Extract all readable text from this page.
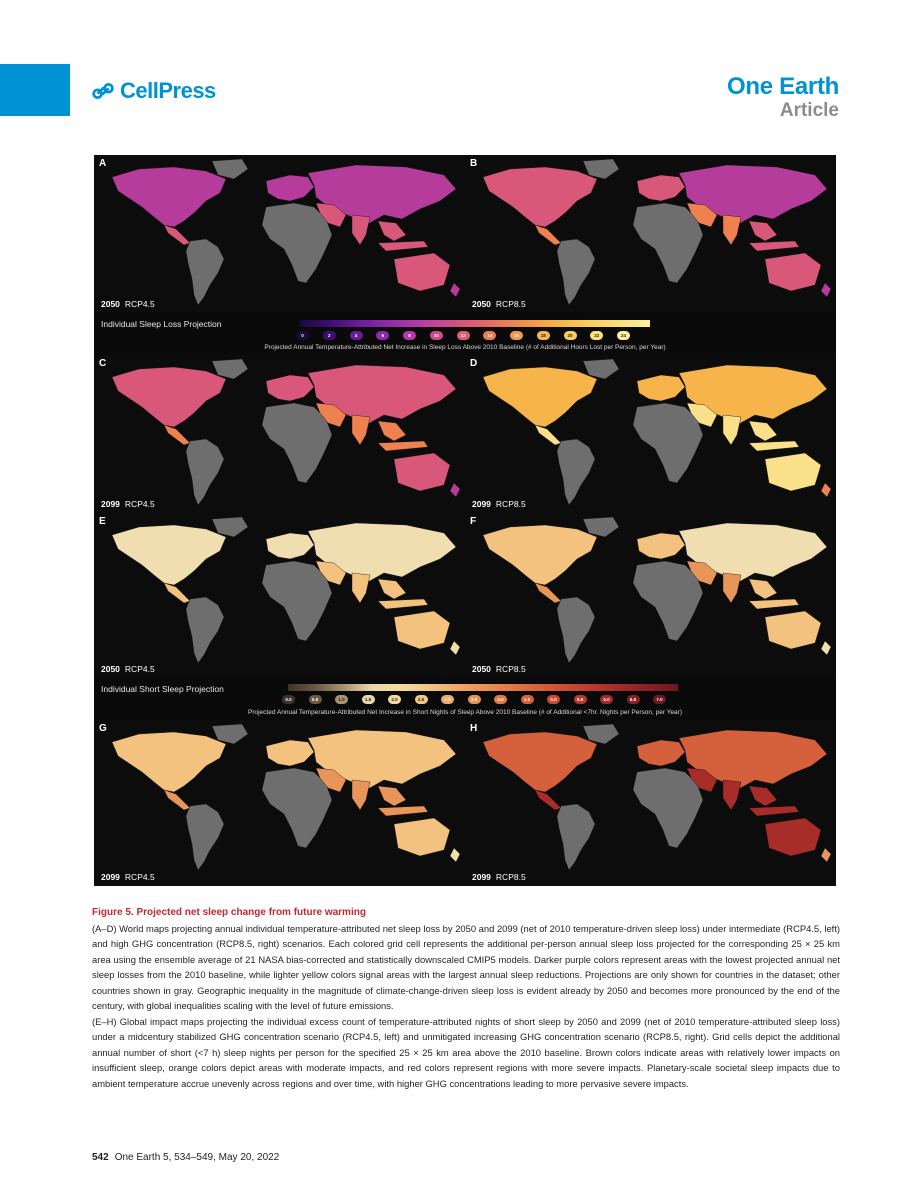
CellPress	One Earth
Article
A
2050 RCP4.5
B
2050 RCP8.5
Individual Sleep Loss Projection
0	2	4	6	8	10	12	14	16	18	20	22	24
Projected Annual Temperature-Attributed Net Increase in Sleep Loss Above 2010 Baseline (# of Additional Hours Lost per Person, per Year)
C
2099 RCP4.5
D
2099 RCP8.5
E
2050 RCP4.5
F
2050 RCP8.5
Individual Short Sleep Projection
0.0	0.5	1.0	1.5	2.0	2.5	3.0	3.5	4.0	4.5	5.0	5.5	6.0	6.5	7.0
Projected Annual Temperature-Attributed Net Increase in Short Nights of Sleep Above 2010 Baseline (# of Additional <7hr. Nights per Person, per Year)
G
2099 RCP4.5
H
2099 RCP8.5

Figure 5. Projected net sleep change from future warming

(A–D) World maps projecting annual individual temperature-attributed net sleep loss by 2050 and 2099 (net of 2010 temperature-driven sleep loss) under intermediate (RCP4.5, left) and high GHG concentration (RCP8.5, right) scenarios. Each colored grid cell represents the additional per-person annual sleep loss projected for the corresponding 25 × 25 km area using the ensemble average of 21 NASA bias-corrected and statistically downscaled CMIP5 models. Darker purple colors represent areas with the lowest projected annual net sleep losses from the 2010 baseline, while lighter yellow colors signal areas with the largest annual sleep reductions. Projections are only shown for countries in the dataset; other countries shown in gray. Geographic inequality in the magnitude of climate-change-driven sleep loss is evident already by 2050 and becomes more pronounced by the end of the century, with global inequalities scaling with the level of future emissions.

(E–H) Global impact maps projecting the individual excess count of temperature-attributed nights of short sleep by 2050 and 2099 (net of 2010 temperature-attributed sleep loss) under a midcentury stabilized GHG concentration scenario (RCP4.5, left) and unmitigated increasing GHG concentration scenario (RCP8.5, right). Grid cells depict the additional annual number of short (<7 h) sleep nights per person for the specified 25 × 25 km area above the 2010 baseline. Brown colors indicate areas with relatively lower impacts on insufficient sleep, orange colors depict areas with moderate impacts, and red colors represent regions with more severe impacts. Planetary-scale societal sleep impacts due to ambient temperature accrue unevenly across regions and over time, with higher GHG concentrations leading to more pervasive severe impacts.

542 One Earth 5, 534–549, May 20, 2022
